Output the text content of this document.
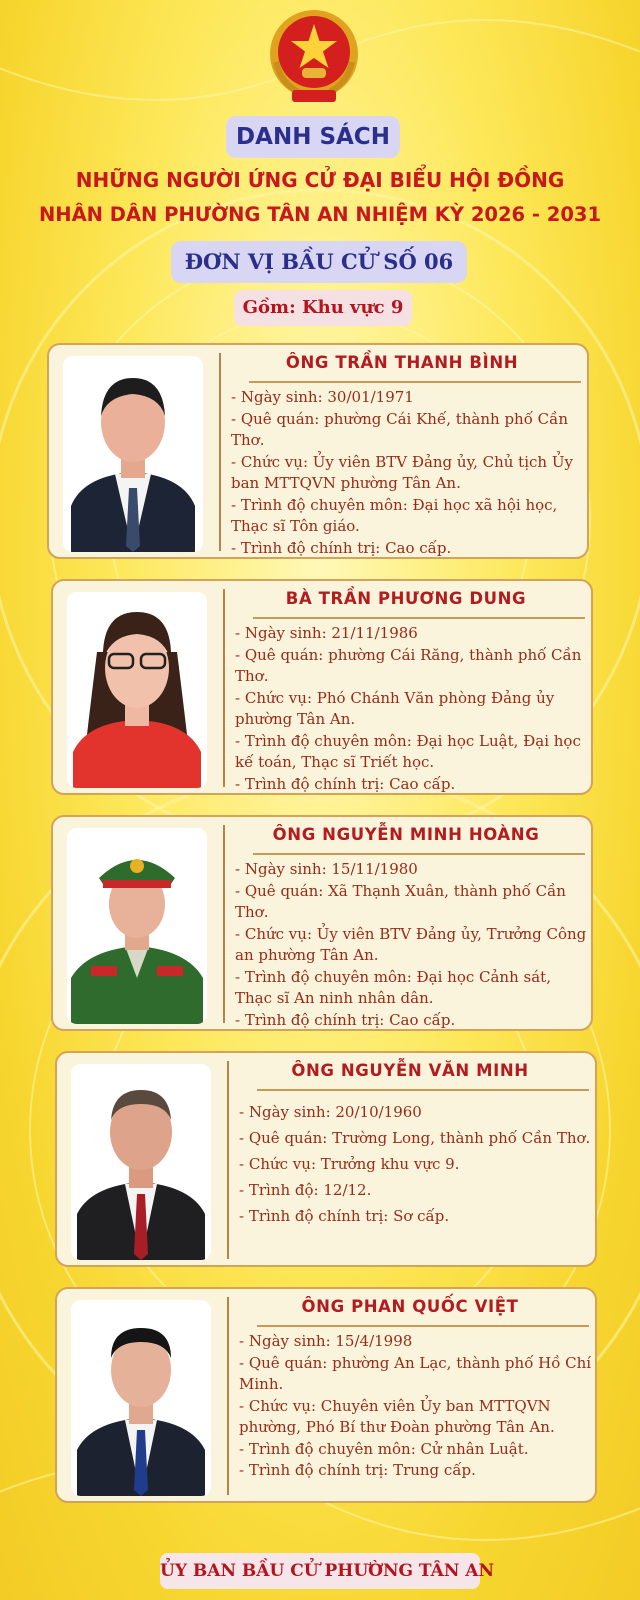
DANH SÁCH
NHỮNG NGƯỜI ỨNG CỬ ĐẠI BIỂU HỘI ĐỒNG
NHÂN DÂN PHƯỜNG TÂN AN NHIỆM KỲ 2026 - 2031
ĐƠN VỊ BẦU CỬ SỐ 06
Gồm: Khu vực 9
ÔNG TRẦN THANH BÌNH
- Ngày sinh: 30/01/1971
- Quê quán: phường Cái Khế, thành phố Cần Thơ.
- Chức vụ: Ủy viên BTV Đảng ủy, Chủ tịch Ủy ban MTTQVN phường Tân An.
- Trình độ chuyên môn: Đại học xã hội học, Thạc sĩ Tôn giáo.
- Trình độ chính trị: Cao cấp.
BÀ TRẦN PHƯƠNG DUNG
- Ngày sinh: 21/11/1986
- Quê quán: phường Cái Răng, thành phố Cần Thơ.
- Chức vụ: Phó Chánh Văn phòng Đảng ủy phường Tân An.
- Trình độ chuyên môn: Đại học Luật, Đại học kế toán, Thạc sĩ Triết học.
- Trình độ chính trị: Cao cấp.
ÔNG NGUYỄN MINH HOÀNG
- Ngày sinh: 15/11/1980
- Quê quán: Xã Thạnh Xuân, thành phố Cần Thơ.
- Chức vụ: Ủy viên BTV Đảng ủy, Trưởng Công an phường Tân An.
- Trình độ chuyên môn: Đại học Cảnh sát, Thạc sĩ An ninh nhân dân.
- Trình độ chính trị: Cao cấp.
ÔNG NGUYỄN VĂN MINH
- Ngày sinh: 20/10/1960
- Quê quán: Trường Long, thành phố Cần Thơ.
- Chức vụ: Trưởng khu vực 9.
- Trình độ: 12/12.
- Trình độ chính trị: Sơ cấp.
ÔNG PHAN QUỐC VIỆT
- Ngày sinh: 15/4/1998
- Quê quán: phường An Lạc, thành phố Hồ Chí Minh.
- Chức vụ: Chuyên viên Ủy ban MTTQVN phường, Phó Bí thư Đoàn phường Tân An.
- Trình độ chuyên môn: Cử nhân Luật.
- Trình độ chính trị: Trung cấp.
ỦY BAN BẦU CỬ PHƯỜNG TÂN AN
